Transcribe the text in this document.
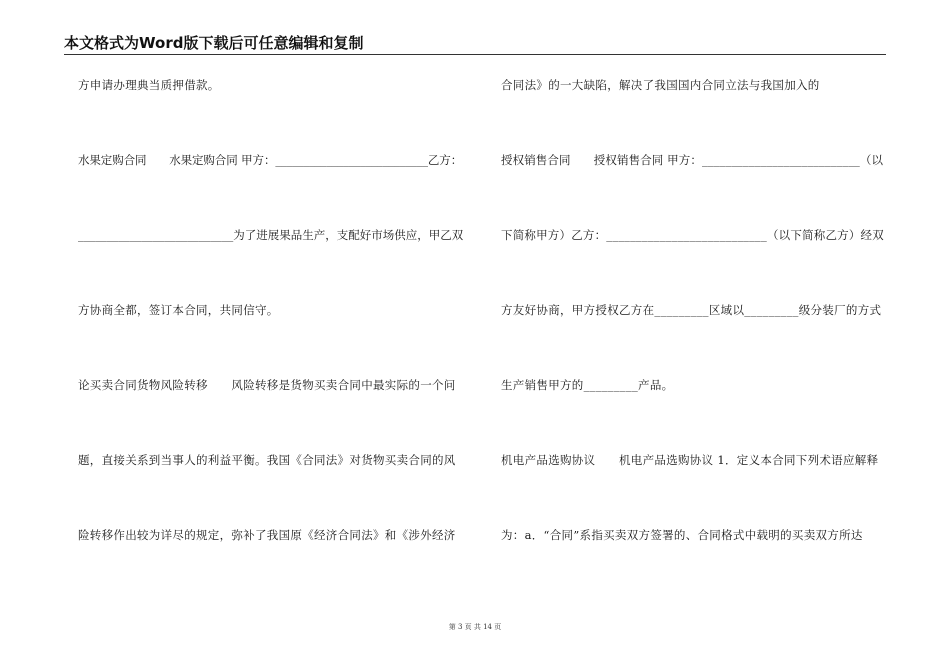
本文格式为Word版下载后可任意编辑和复制
方申请办理典当质押借款。
水果定购合同　　水果定购合同 甲方：___________________________乙方：
___________________________为了进展果品生产，支配好市场供应，甲乙双
方协商全都，签订本合同，共同信守。
论买卖合同货物风险转移　　风险转移是货物买卖合同中最实际的一个问
题，直接关系到当事人的利益平衡。我国《合同法》对货物买卖合同的风
险转移作出较为详尽的规定，弥补了我国原《经济合同法》和《涉外经济
合同法》的一大缺陷，解决了我国国内合同立法与我国加入的
授权销售合同　　授权销售合同 甲方：___________________________（以
下简称甲方）乙方：___________________________（以下简称乙方）经双
方友好协商，甲方授权乙方在_________区域以_________级分装厂的方式
生产销售甲方的_________产品。
机电产品选购协议　　机电产品选购协议 1．定义本合同下列术语应解释
为：a．“合同”系指买卖双方签署的、合同格式中载明的买卖双方所达
第 3 页 共 14 页
